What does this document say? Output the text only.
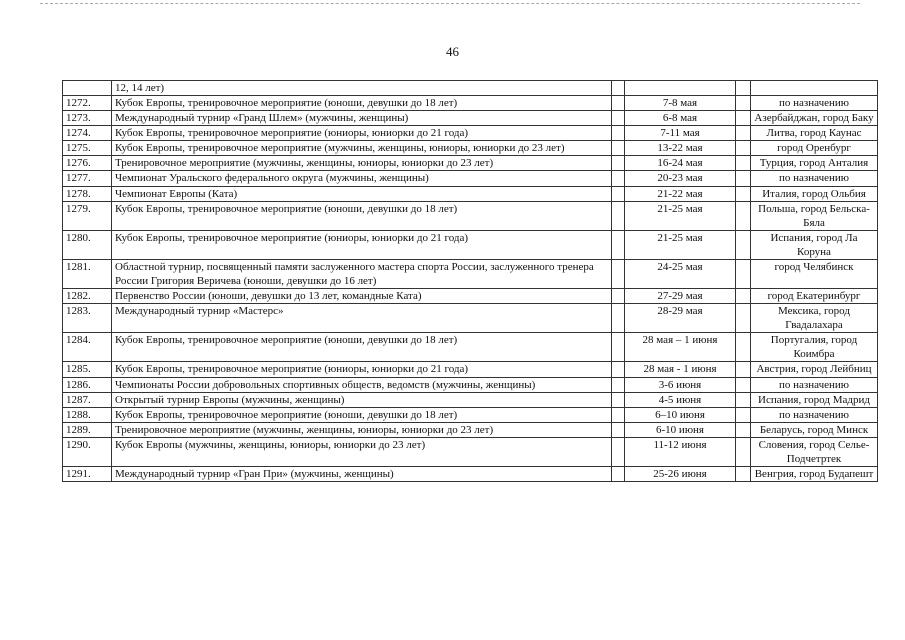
46
	12, 14 лет)				
1272.	Кубок Европы, тренировочное мероприятие (юноши, девушки до 18 лет)		7-8 мая		по назначению
1273.	Международный турнир «Гранд Шлем» (мужчины, женщины)		6-8 мая		Азербайджан, город Баку
1274.	Кубок Европы, тренировочное мероприятие (юниоры, юниорки до 21 года)		7-11 мая		Литва, город Каунас
1275.	Кубок Европы, тренировочное мероприятие (мужчины, женщины, юниоры, юниорки до 23 лет)		13-22 мая		город Оренбург
1276.	Тренировочное мероприятие (мужчины, женщины, юниоры, юниорки до 23 лет)		16-24 мая		Турция, город Анталия
1277.	Чемпионат Уральского федерального округа (мужчины, женщины)		20-23 мая		по назначению
1278.	Чемпионат Европы (Ката)		21-22 мая		Италия, город Ольбия
1279.	Кубок Европы, тренировочное мероприятие (юноши, девушки до 18 лет)		21-25 мая		Польша, город Бельска-Бяла
1280.	Кубок Европы, тренировочное мероприятие (юниоры, юниорки до 21 года)		21-25 мая		Испания, город Ла Коруна
1281.	Областной турнир, посвященный памяти заслуженного мастера спорта России, заслуженного тренера России Григория Веричева (юноши, девушки до 16 лет)		24-25 мая		город Челябинск
1282.	Первенство России (юноши, девушки до 13 лет, командные Ката)		27-29 мая		город Екатеринбург
1283.	Международный турнир «Мастерс»		28-29 мая		Мексика, город Гвадалахара
1284.	Кубок Европы, тренировочное мероприятие (юноши, девушки до 18 лет)		28 мая – 1 июня		Португалия, город Коимбра
1285.	Кубок Европы, тренировочное мероприятие (юниоры, юниорки до 21 года)		28 мая - 1 июня		Австрия, город Лейбниц
1286.	Чемпионаты России добровольных спортивных обществ, ведомств (мужчины, женщины)		3-6 июня		по назначению
1287.	Открытый турнир Европы (мужчины, женщины)		4-5 июня		Испания, город Мадрид
1288.	Кубок Европы, тренировочное мероприятие (юноши, девушки до 18 лет)		6–10 июня		по назначению
1289.	Тренировочное мероприятие (мужчины, женщины, юниоры, юниорки до 23 лет)		6-10 июня		Беларусь, город Минск
1290.	Кубок Европы (мужчины, женщины, юниоры, юниорки до 23 лет)		11-12 июня		Словения, город Селье-Подчетртек
1291.	Международный турнир «Гран При» (мужчины, женщины)		25-26 июня		Венгрия, город Будапешт
